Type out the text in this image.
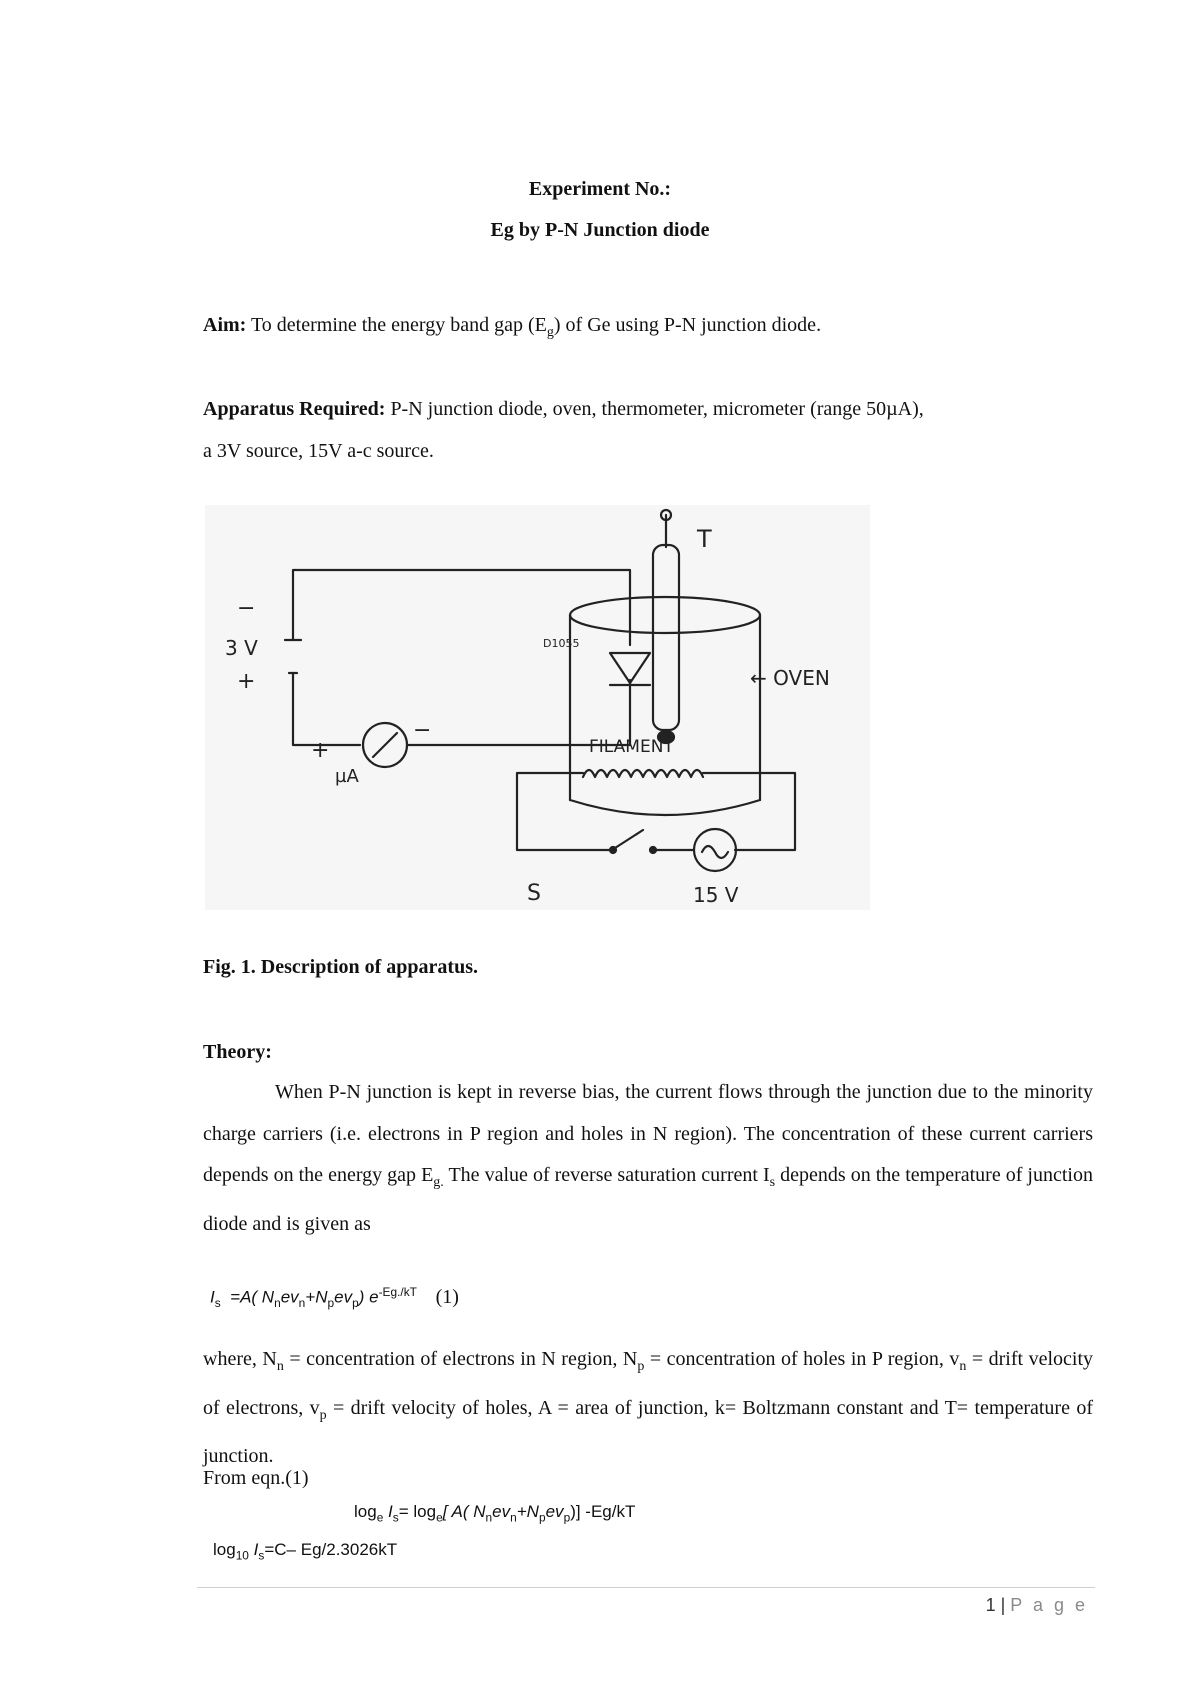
Experiment No.:
Eg by P-N Junction diode
Aim: To determine the energy band gap $(E_g)$ of Ge using P-N junction diode.
Apparatus Required: P-N junction diode, oven, thermometer, micrometer (range 50µA),
a 3V source, 15V a-c source.
T
← OVEN
FILAMENT
D1055
−
3 V
+
+
µA
−
S	15 V
Fig. 1. Description of apparatus.
Theory:
When P-N junction is kept in reverse bias, the current flows through the junction due to the minority charge carriers (i.e. electrons in P region and holes in N region). The concentration of these current carriers depends on the energy gap $E_{g.}$ The value of reverse saturation current $I_s$ depends on the temperature of junction diode and is given as
$I_s =A$( $N_nev_n+N_pev_p$) $e^{-Eg./kT}$ (1)
where, $N_n$ = concentration of electrons in N region, $N_p$ = concentration of holes in P region, $v_n$ = drift velocity of electrons, $v_p$ = drift velocity of holes, A = area of junction, k= Boltzmann constant and T= temperature of junction.
From eqn.(1)
$\log_e I_s= \log_e$[ A( $N_nev_n+N_pev_p$)] -Eg/kT
$\log_{10} I_s=C-$ Eg/2.3026kT
1 | P a g e
